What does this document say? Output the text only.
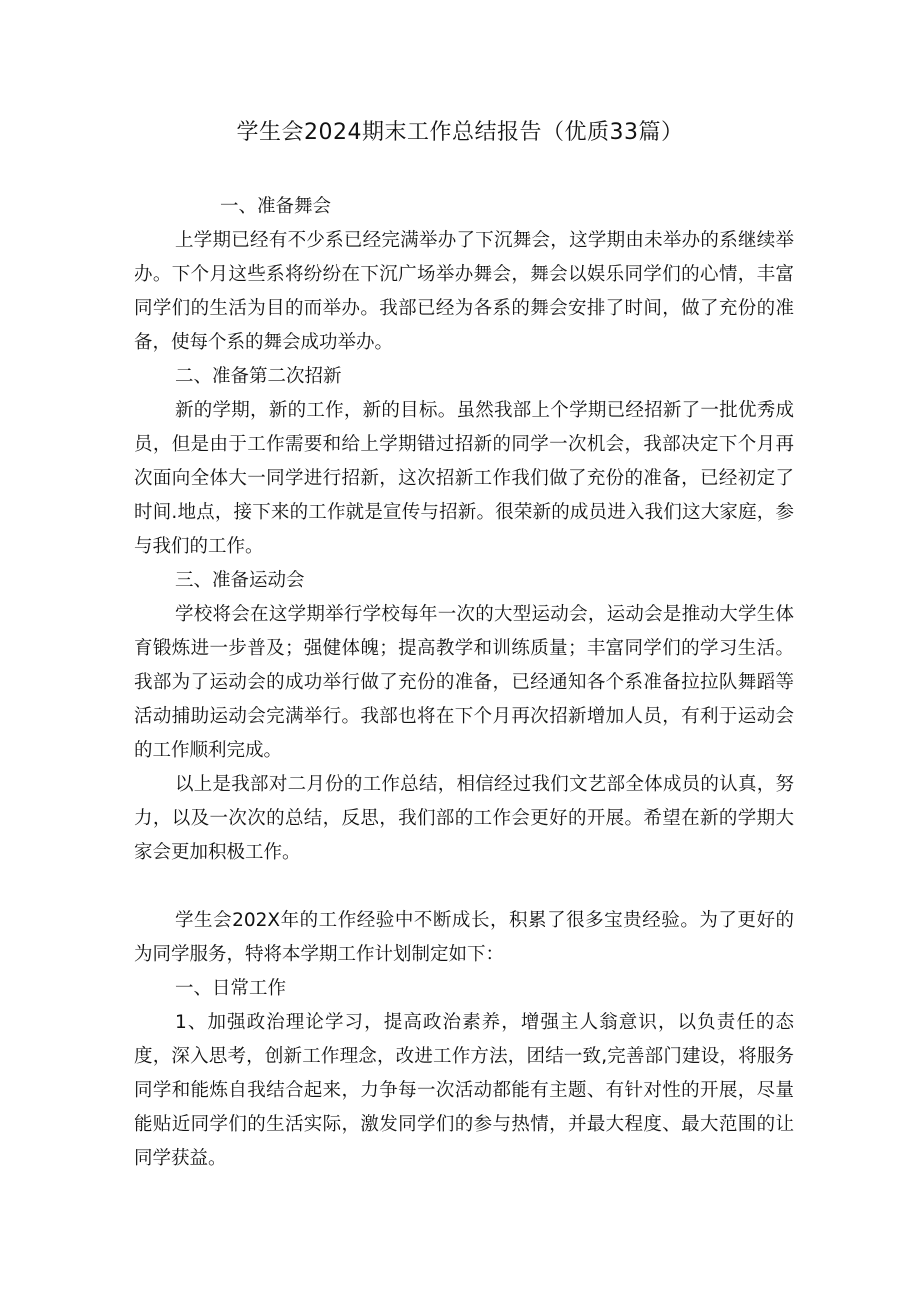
学生会2024期末工作总结报告（优质33篇）

一、准备舞会

上学期已经有不少系已经完满举办了下沉舞会，这学期由未举办的系继续举办。下个月这些系将纷纷在下沉广场举办舞会，舞会以娱乐同学们的心情，丰富同学们的生活为目的而举办。我部已经为各系的舞会安排了时间，做了充份的准备，使每个系的舞会成功举办。

二、准备第二次招新

新的学期，新的工作，新的目标。虽然我部上个学期已经招新了一批优秀成员，但是由于工作需要和给上学期错过招新的同学一次机会，我部决定下个月再次面向全体大一同学进行招新，这次招新工作我们做了充份的准备，已经初定了时间.地点，接下来的工作就是宣传与招新。很荣新的成员进入我们这大家庭，参与我们的工作。

三、准备运动会

学校将会在这学期举行学校每年一次的大型运动会，运动会是推动大学生体育锻炼进一步普及；强健体魄；提高教学和训练质量；丰富同学们的学习生活。我部为了运动会的成功举行做了充份的准备，已经通知各个系准备拉拉队舞蹈等活动捕助运动会完满举行。我部也将在下个月再次招新增加人员，有利于运动会的工作顺利完成。

以上是我部对二月份的工作总结，相信经过我们文艺部全体成员的认真，努力，以及一次次的总结，反思，我们部的工作会更好的开展。希望在新的学期大家会更加积极工作。

学生会202X年的工作经验中不断成长，积累了很多宝贵经验。为了更好的为同学服务，特将本学期工作计划制定如下：

一、日常工作

1、加强政治理论学习，提高政治素养，增强主人翁意识，以负责任的态度，深入思考，创新工作理念，改进工作方法，团结一致,完善部门建设，将服务同学和能炼自我结合起来，力争每一次活动都能有主题、有针对性的开展，尽量能贴近同学们的生活实际，激发同学们的参与热情，并最大程度、最大范围的让同学获益。
